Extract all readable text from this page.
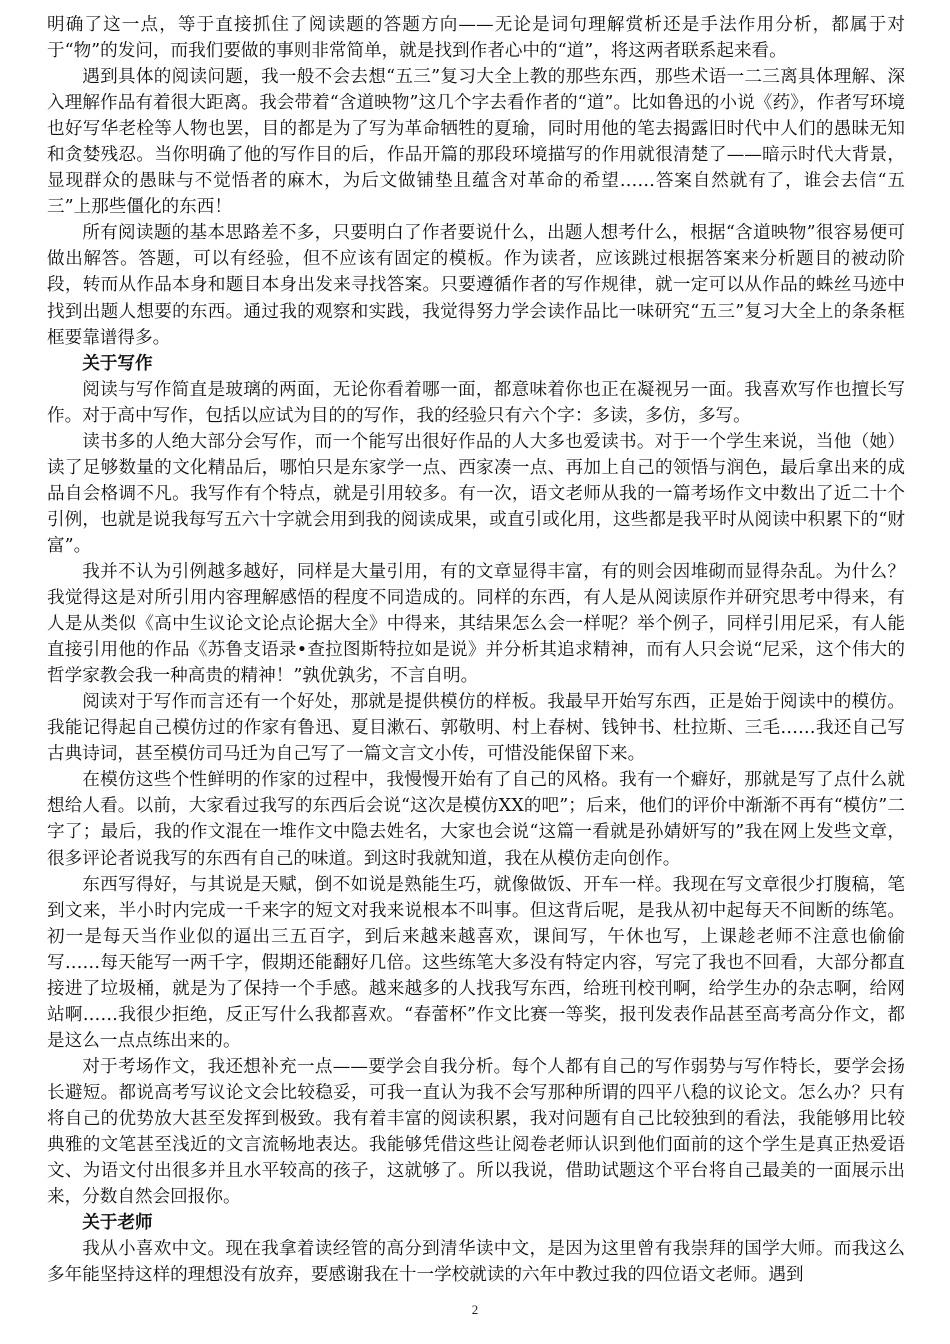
明确了这一点，等于直接抓住了阅读题的答题方向——无论是词句理解赏析还是手法作用分析，都属于对于“物”的发问，而我们要做的事则非常简单，就是找到作者心中的“道”，将这两者联系起来看。

遇到具体的阅读问题，我一般不会去想“五三”复习大全上教的那些东西，那些术语一二三离具体理解、深入理解作品有着很大距离。我会带着“含道映物”这几个字去看作者的“道”。比如鲁迅的小说《药》，作者写环境也好写华老栓等人物也罢，目的都是为了写为革命牺牲的夏瑜，同时用他的笔去揭露旧时代中人们的愚昧无知和贪婪残忍。当你明确了他的写作目的后，作品开篇的那段环境描写的作用就很清楚了——暗示时代大背景，显现群众的愚昧与不觉悟者的麻木，为后文做铺垫且蕴含对革命的希望……答案自然就有了，谁会去信“五三”上那些僵化的东西！

所有阅读题的基本思路差不多，只要明白了作者要说什么，出题人想考什么，根据“含道映物”很容易便可做出解答。答题，可以有经验，但不应该有固定的模板。作为读者，应该跳过根据答案来分析题目的被动阶段，转而从作品本身和题目本身出发来寻找答案。只要遵循作者的写作规律，就一定可以从作品的蛛丝马迹中找到出题人想要的东西。通过我的观察和实践，我觉得努力学会读作品比一味研究“五三”复习大全上的条条框框要靠谱得多。

关于写作

阅读与写作简直是玻璃的两面，无论你看着哪一面，都意味着你也正在凝视另一面。我喜欢写作也擅长写作。对于高中写作，包括以应试为目的的写作，我的经验只有六个字：多读，多仿，多写。

读书多的人绝大部分会写作，而一个能写出很好作品的人大多也爱读书。对于一个学生来说，当他（她）读了足够数量的文化精品后，哪怕只是东家学一点、西家凑一点、再加上自己的领悟与润色，最后拿出来的成品自会格调不凡。我写作有个特点，就是引用较多。有一次，语文老师从我的一篇考场作文中数出了近二十个引例，也就是说我每写五六十字就会用到我的阅读成果，或直引或化用，这些都是我平时从阅读中积累下的“财富”。

我并不认为引例越多越好，同样是大量引用，有的文章显得丰富，有的则会因堆砌而显得杂乱。为什么？我觉得这是对所引用内容理解感悟的程度不同造成的。同样的东西，有人是从阅读原作并研究思考中得来，有人是从类似《高中生议论文论点论据大全》中得来，其结果怎么会一样呢？举个例子，同样引用尼采，有人能直接引用他的作品《苏鲁支语录•查拉图斯特拉如是说》并分析其追求精神，而有人只会说“尼采，这个伟大的哲学家教会我一种高贵的精神！”孰优孰劣，不言自明。

阅读对于写作而言还有一个好处，那就是提供模仿的样板。我最早开始写东西，正是始于阅读中的模仿。我能记得起自己模仿过的作家有鲁迅、夏目漱石、郭敬明、村上春树、钱钟书、杜拉斯、三毛……我还自己写古典诗词，甚至模仿司马迁为自己写了一篇文言文小传，可惜没能保留下来。

在模仿这些个性鲜明的作家的过程中，我慢慢开始有了自己的风格。我有一个癖好，那就是写了点什么就想给人看。以前，大家看过我写的东西后会说“这次是模仿XX的吧”；后来，他们的评价中渐渐不再有“模仿”二字了；最后，我的作文混在一堆作文中隐去姓名，大家也会说“这篇一看就是孙婧妍写的”我在网上发些文章，很多评论者说我写的东西有自己的味道。到这时我就知道，我在从模仿走向创作。

东西写得好，与其说是天赋，倒不如说是熟能生巧，就像做饭、开车一样。我现在写文章很少打腹稿，笔到文来，半小时内完成一千来字的短文对我来说根本不叫事。但这背后呢，是我从初中起每天不间断的练笔。初一是每天当作业似的逼出三五百字，到后来越来越喜欢，课间写，午休也写，上课趁老师不注意也偷偷写……每天能写一两千字，假期还能翻好几倍。这些练笔大多没有特定内容，写完了我也不回看，大部分都直接进了垃圾桶，就是为了保持一个手感。越来越多的人找我写东西，给班刊校刊啊，给学生办的杂志啊，给网站啊……我很少拒绝，反正写什么我都喜欢。“春蕾杯”作文比赛一等奖，报刊发表作品甚至高考高分作文，都是这么一点点练出来的。

对于考场作文，我还想补充一点——要学会自我分析。每个人都有自己的写作弱势与写作特长，要学会扬长避短。都说高考写议论文会比较稳妥，可我一直认为我不会写那种所谓的四平八稳的议论文。怎么办？只有将自己的优势放大甚至发挥到极致。我有着丰富的阅读积累，我对问题有自己比较独到的看法，我能够用比较典雅的文笔甚至浅近的文言流畅地表达。我能够凭借这些让阅卷老师认识到他们面前的这个学生是真正热爱语文、为语文付出很多并且水平较高的孩子，这就够了。所以我说，借助试题这个平台将自己最美的一面展示出来，分数自然会回报你。

关于老师

我从小喜欢中文。现在我拿着读经管的高分到清华读中文，是因为这里曾有我崇拜的国学大师。而我这么多年能坚持这样的理想没有放弃，要感谢我在十一学校就读的六年中教过我的四位语文老师。遇到

2
